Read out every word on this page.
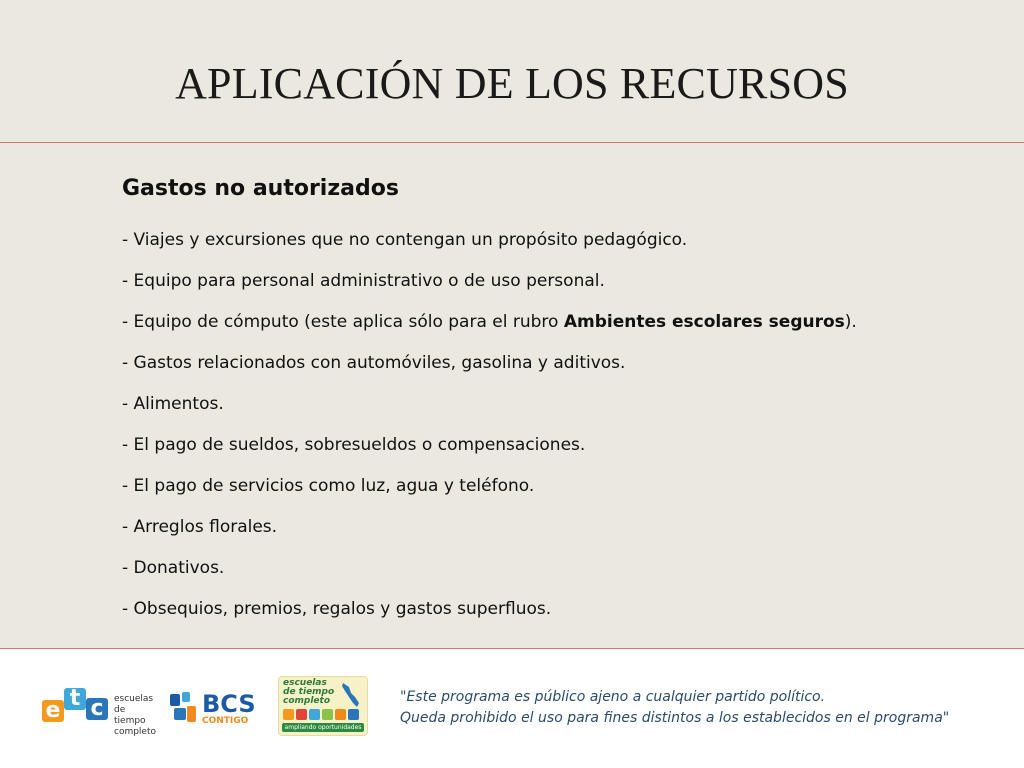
APLICACIÓN DE LOS RECURSOS

Gastos no autorizados

- Viajes y excursiones que no contengan un propósito pedagógico.

- Equipo para personal administrativo o de uso personal.

- Equipo de cómputo (este aplica sólo para el rubro Ambientes escolares seguros).

- Gastos relacionados con automóviles, gasolina y aditivos.

- Alimentos.

- El pago de sueldos, sobresueldos o compensaciones.

- El pago de servicios como luz, agua y teléfono.

- Arreglos florales.

- Donativos.

- Obsequios, premios, regalos y gastos superfluos.

e t c	escuelas
de tiempo
completo
BCS
CONTIGO
escuelas
de tiempo
completo
ampliando oportunidades
"Este programa es público ajeno a cualquier partido político.
Queda prohibido el uso para fines distintos a los establecidos en el programa"
